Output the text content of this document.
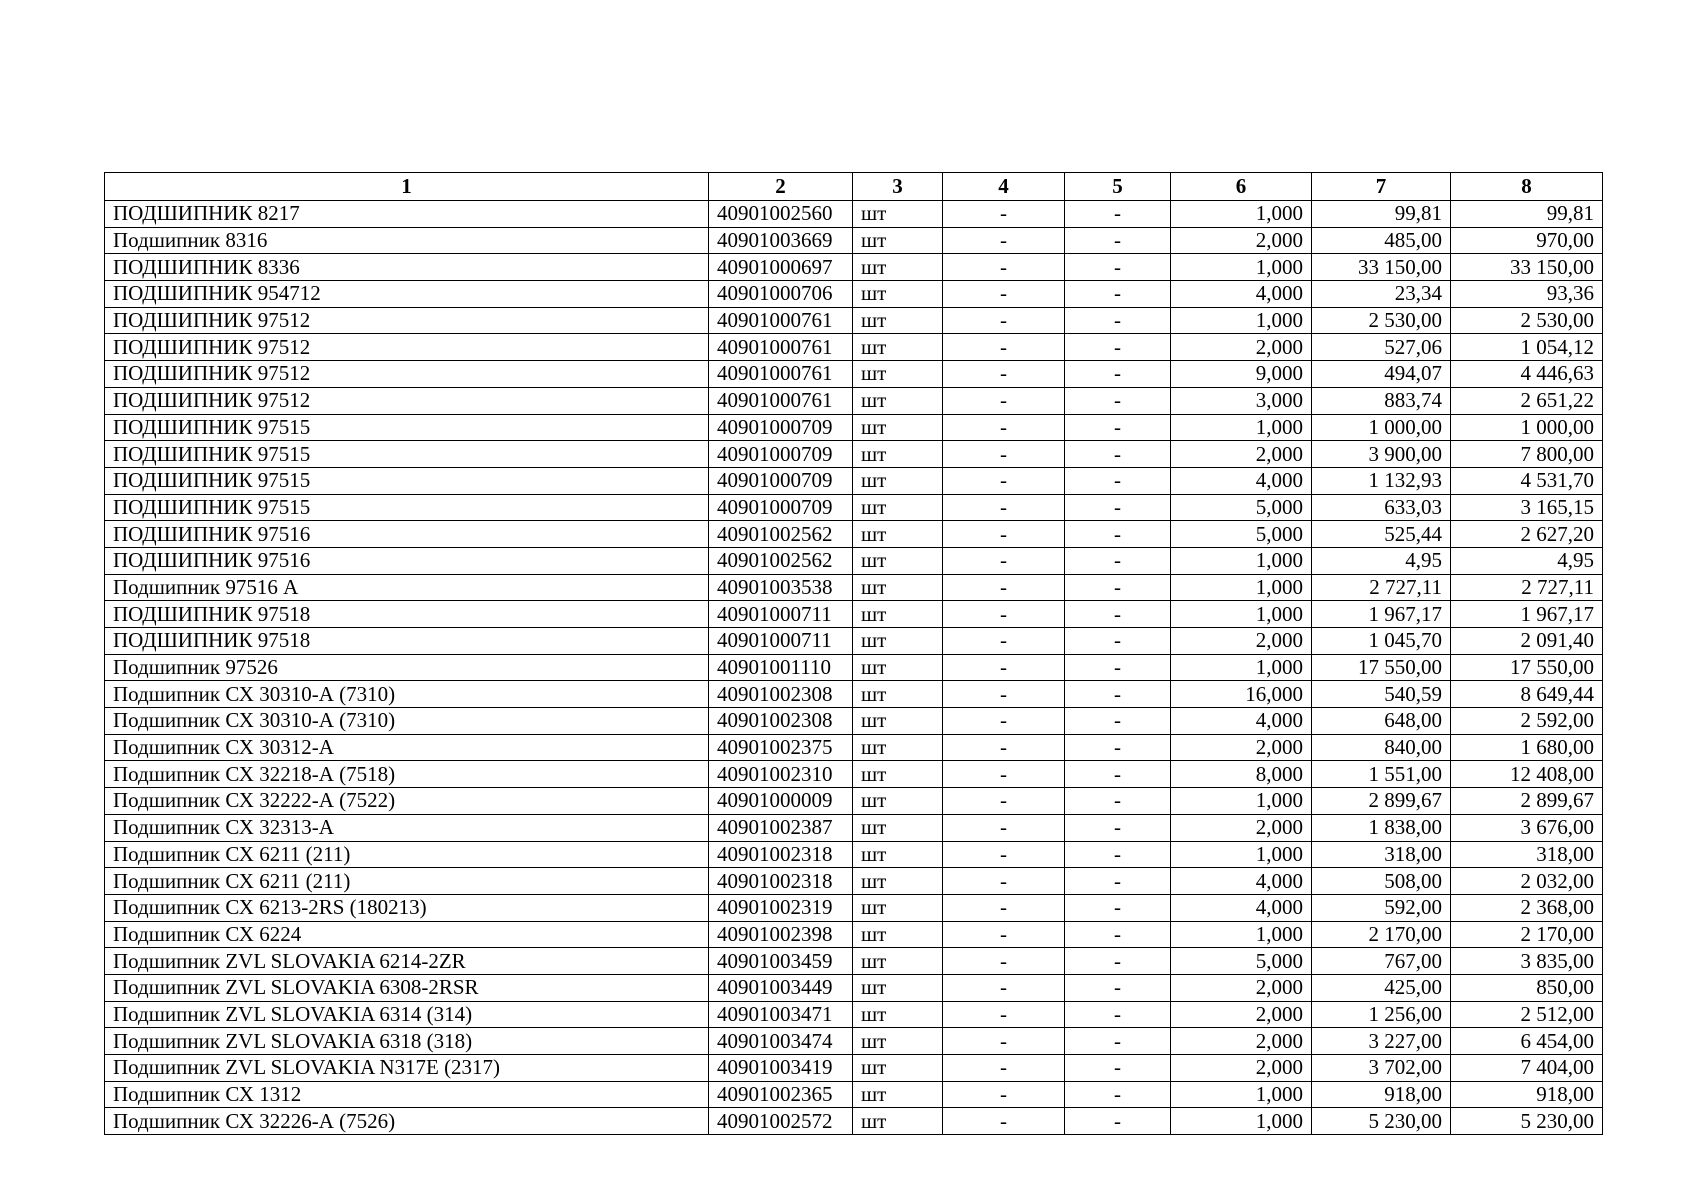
1	2	3	4	5	6	7	8
ПОДШИПНИК 8217	40901002560	шт	-	-	1,000	99,81	99,81
Подшипник 8316	40901003669	шт	-	-	2,000	485,00	970,00
ПОДШИПНИК 8336	40901000697	шт	-	-	1,000	33 150,00	33 150,00
ПОДШИПНИК 954712	40901000706	шт	-	-	4,000	23,34	93,36
ПОДШИПНИК 97512	40901000761	шт	-	-	1,000	2 530,00	2 530,00
ПОДШИПНИК 97512	40901000761	шт	-	-	2,000	527,06	1 054,12
ПОДШИПНИК 97512	40901000761	шт	-	-	9,000	494,07	4 446,63
ПОДШИПНИК 97512	40901000761	шт	-	-	3,000	883,74	2 651,22
ПОДШИПНИК 97515	40901000709	шт	-	-	1,000	1 000,00	1 000,00
ПОДШИПНИК 97515	40901000709	шт	-	-	2,000	3 900,00	7 800,00
ПОДШИПНИК 97515	40901000709	шт	-	-	4,000	1 132,93	4 531,70
ПОДШИПНИК 97515	40901000709	шт	-	-	5,000	633,03	3 165,15
ПОДШИПНИК 97516	40901002562	шт	-	-	5,000	525,44	2 627,20
ПОДШИПНИК 97516	40901002562	шт	-	-	1,000	4,95	4,95
Подшипник 97516 А	40901003538	шт	-	-	1,000	2 727,11	2 727,11
ПОДШИПНИК 97518	40901000711	шт	-	-	1,000	1 967,17	1 967,17
ПОДШИПНИК 97518	40901000711	шт	-	-	2,000	1 045,70	2 091,40
Подшипник 97526	40901001110	шт	-	-	1,000	17 550,00	17 550,00
Подшипник СХ 30310-А (7310)	40901002308	шт	-	-	16,000	540,59	8 649,44
Подшипник СХ 30310-А (7310)	40901002308	шт	-	-	4,000	648,00	2 592,00
Подшипник СХ 30312-А	40901002375	шт	-	-	2,000	840,00	1 680,00
Подшипник СХ 32218-А (7518)	40901002310	шт	-	-	8,000	1 551,00	12 408,00
Подшипник СХ 32222-А (7522)	40901000009	шт	-	-	1,000	2 899,67	2 899,67
Подшипник СХ 32313-А	40901002387	шт	-	-	2,000	1 838,00	3 676,00
Подшипник СХ 6211 (211)	40901002318	шт	-	-	1,000	318,00	318,00
Подшипник СХ 6211 (211)	40901002318	шт	-	-	4,000	508,00	2 032,00
Подшипник СХ 6213-2RS (180213)	40901002319	шт	-	-	4,000	592,00	2 368,00
Подшипник СХ 6224	40901002398	шт	-	-	1,000	2 170,00	2 170,00
Подшипник ZVL SLOVAKIA 6214-2ZR	40901003459	шт	-	-	5,000	767,00	3 835,00
Подшипник ZVL SLOVAKIA 6308-2RSR	40901003449	шт	-	-	2,000	425,00	850,00
Подшипник ZVL SLOVAKIA 6314 (314)	40901003471	шт	-	-	2,000	1 256,00	2 512,00
Подшипник ZVL SLOVAKIA 6318 (318)	40901003474	шт	-	-	2,000	3 227,00	6 454,00
Подшипник ZVL SLOVAKIA N317E (2317)	40901003419	шт	-	-	2,000	3 702,00	7 404,00
Подшипник СХ 1312	40901002365	шт	-	-	1,000	918,00	918,00
Подшипник СХ 32226-А (7526)	40901002572	шт	-	-	1,000	5 230,00	5 230,00
